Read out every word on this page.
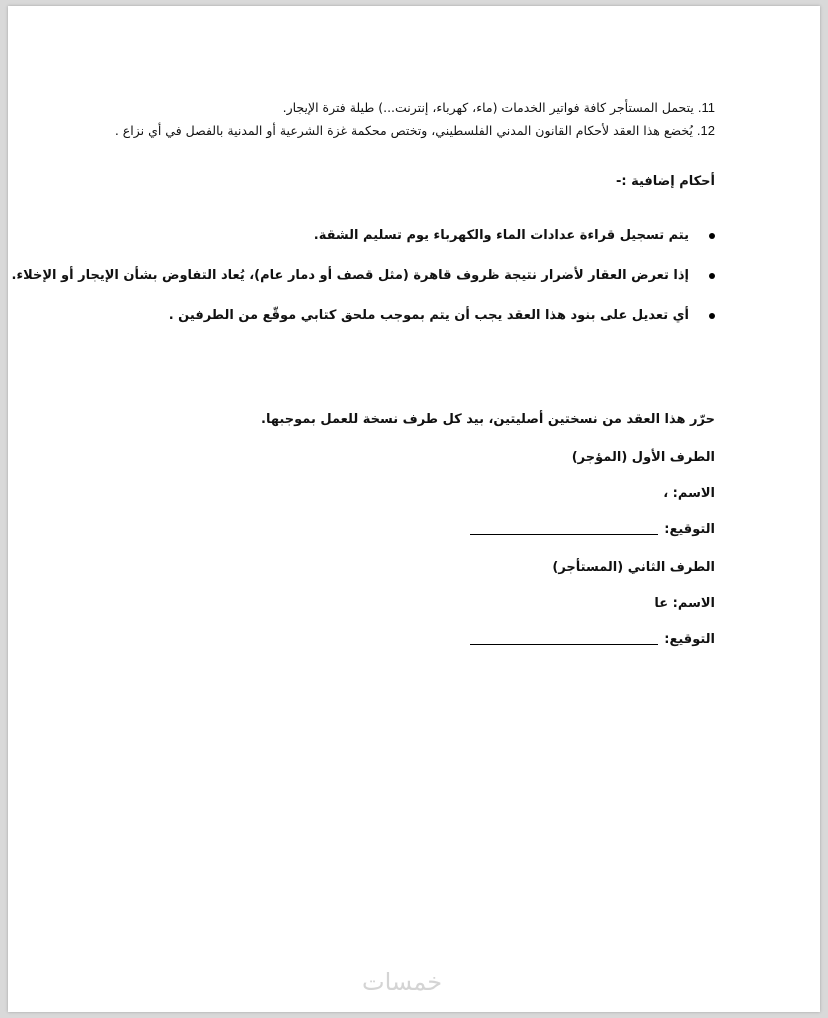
11.يتحمل المستأجر كافة فواتير الخدمات (ماء، كهرباء، إنترنت...) طيلة فترة الإيجار.
12.يُخضع هذا العقد لأحكام القانون المدني الفلسطيني، وتختص محكمة غزة الشرعية أو المدنية بالفصل في أي نزاع .
أحكام إضافية :-
يتم تسجيل قراءة عدادات الماء والكهرباء يوم تسليم الشقة.
إذا تعرض العقار لأضرار نتيجة ظروف قاهرة (مثل قصف أو دمار عام)، يُعاد التفاوض بشأن الإيجار أو الإخلاء.
أي تعديل على بنود هذا العقد يجب أن يتم بموجب ملحق كتابي موقّع من الطرفين .
حرّر هذا العقد من نسختين أصليتين، بيد كل طرف نسخة للعمل بموجبها.
الطرف الأول (المؤجر)
الاسم: ،
التوقيع:
الطرف الثاني (المستأجر)
الاسم: عا
التوقيع:
خمسات
